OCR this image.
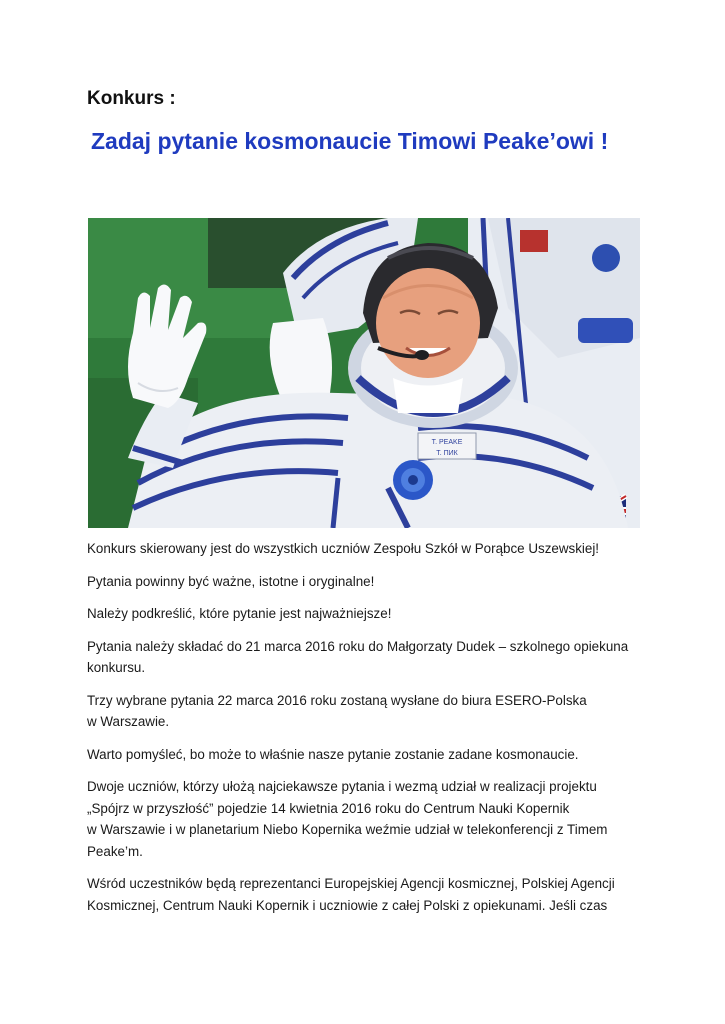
Konkurs :
Zadaj pytanie kosmonaucie Timowi Peake’owi !
T. PEAKE
Т. ПИК

Konkurs skierowany jest do wszystkich uczniów Zespołu Szkół w Porąbce Uszewskiej!

Pytania powinny być ważne, istotne i oryginalne!

Należy podkreślić, które pytanie jest najważniejsze!

Pytania należy składać do 21 marca 2016 roku do Małgorzaty Dudek – szkolnego opiekuna
konkursu.

Trzy wybrane pytania 22 marca 2016 roku zostaną wysłane do biura ESERO-Polska
w Warszawie.

Warto pomyśleć, bo może to właśnie nasze pytanie zostanie zadane kosmonaucie.

Dwoje uczniów, którzy ułożą najciekawsze pytania i wezmą udział w realizacji projektu
„Spójrz w przyszłość” pojedzie 14 kwietnia 2016 roku do Centrum Nauki Kopernik
w Warszawie i w planetarium Niebo Kopernika weźmie udział w telekonferencji z Timem
Peake’m.

Wśród uczestników będą reprezentanci Europejskiej Agencji kosmicznej, Polskiej Agencji
Kosmicznej, Centrum Nauki Kopernik i uczniowie z całej Polski z opiekunami. Jeśli czas
